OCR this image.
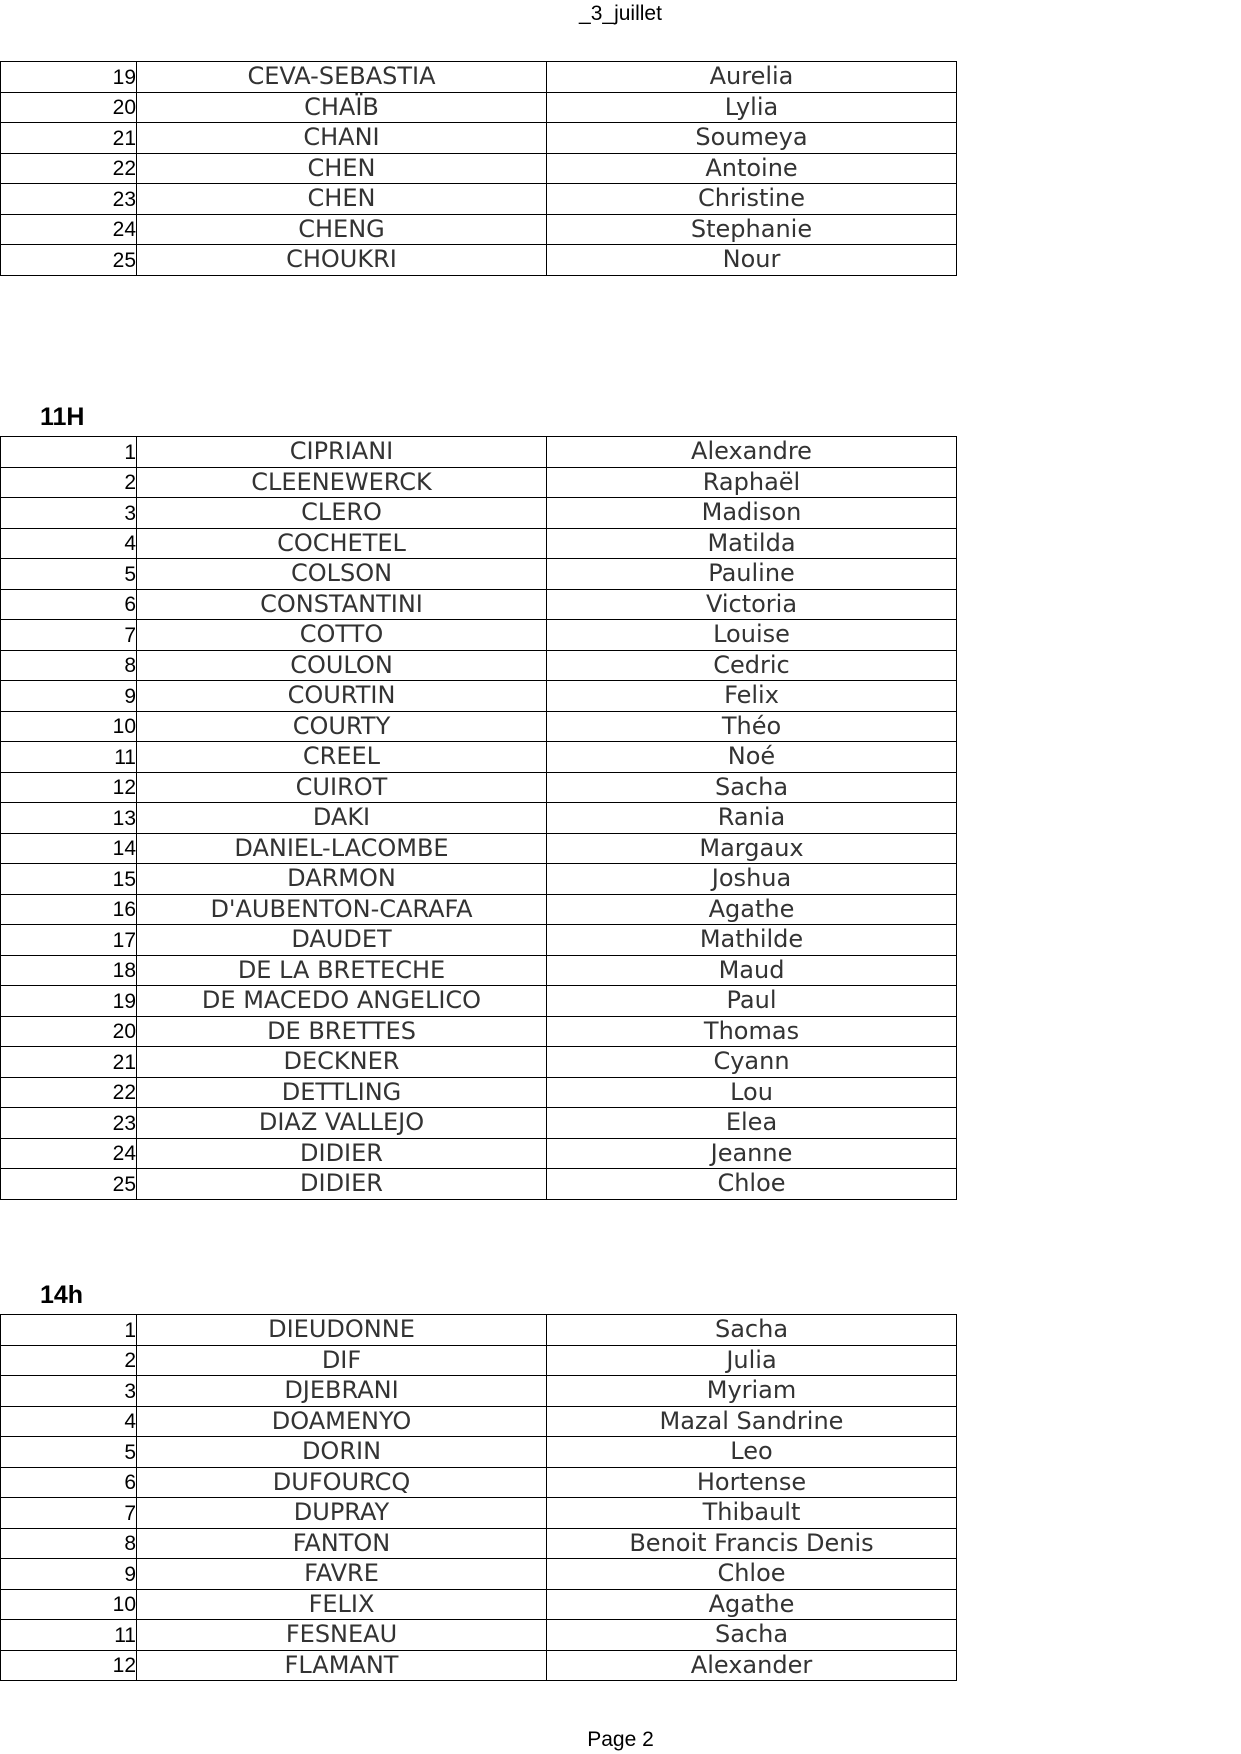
_3_juillet
19	CEVA-SEBASTIA	Aurelia
20	CHAÏB	Lylia
21	CHANI	Soumeya
22	CHEN	Antoine
23	CHEN	Christine
24	CHENG	Stephanie
25	CHOUKRI	Nour
11H
1	CIPRIANI	Alexandre
2	CLEENEWERCK	Raphaël
3	CLERO	Madison
4	COCHETEL	Matilda
5	COLSON	Pauline
6	CONSTANTINI	Victoria
7	COTTO	Louise
8	COULON	Cedric
9	COURTIN	Felix
10	COURTY	Théo
11	CREEL	Noé
12	CUIROT	Sacha
13	DAKI	Rania
14	DANIEL-LACOMBE	Margaux
15	DARMON	Joshua
16	D'AUBENTON-CARAFA	Agathe
17	DAUDET	Mathilde
18	DE LA BRETECHE	Maud
19	DE MACEDO ANGELICO	Paul
20	DE BRETTES	Thomas
21	DECKNER	Cyann
22	DETTLING	Lou
23	DIAZ VALLEJO	Elea
24	DIDIER	Jeanne
25	DIDIER	Chloe
14h
1	DIEUDONNE	Sacha
2	DIF	Julia
3	DJEBRANI	Myriam
4	DOAMENYO	Mazal Sandrine
5	DORIN	Leo
6	DUFOURCQ	Hortense
7	DUPRAY	Thibault
8	FANTON	Benoit Francis Denis
9	FAVRE	Chloe
10	FELIX	Agathe
11	FESNEAU	Sacha
12	FLAMANT	Alexander
Page 2
